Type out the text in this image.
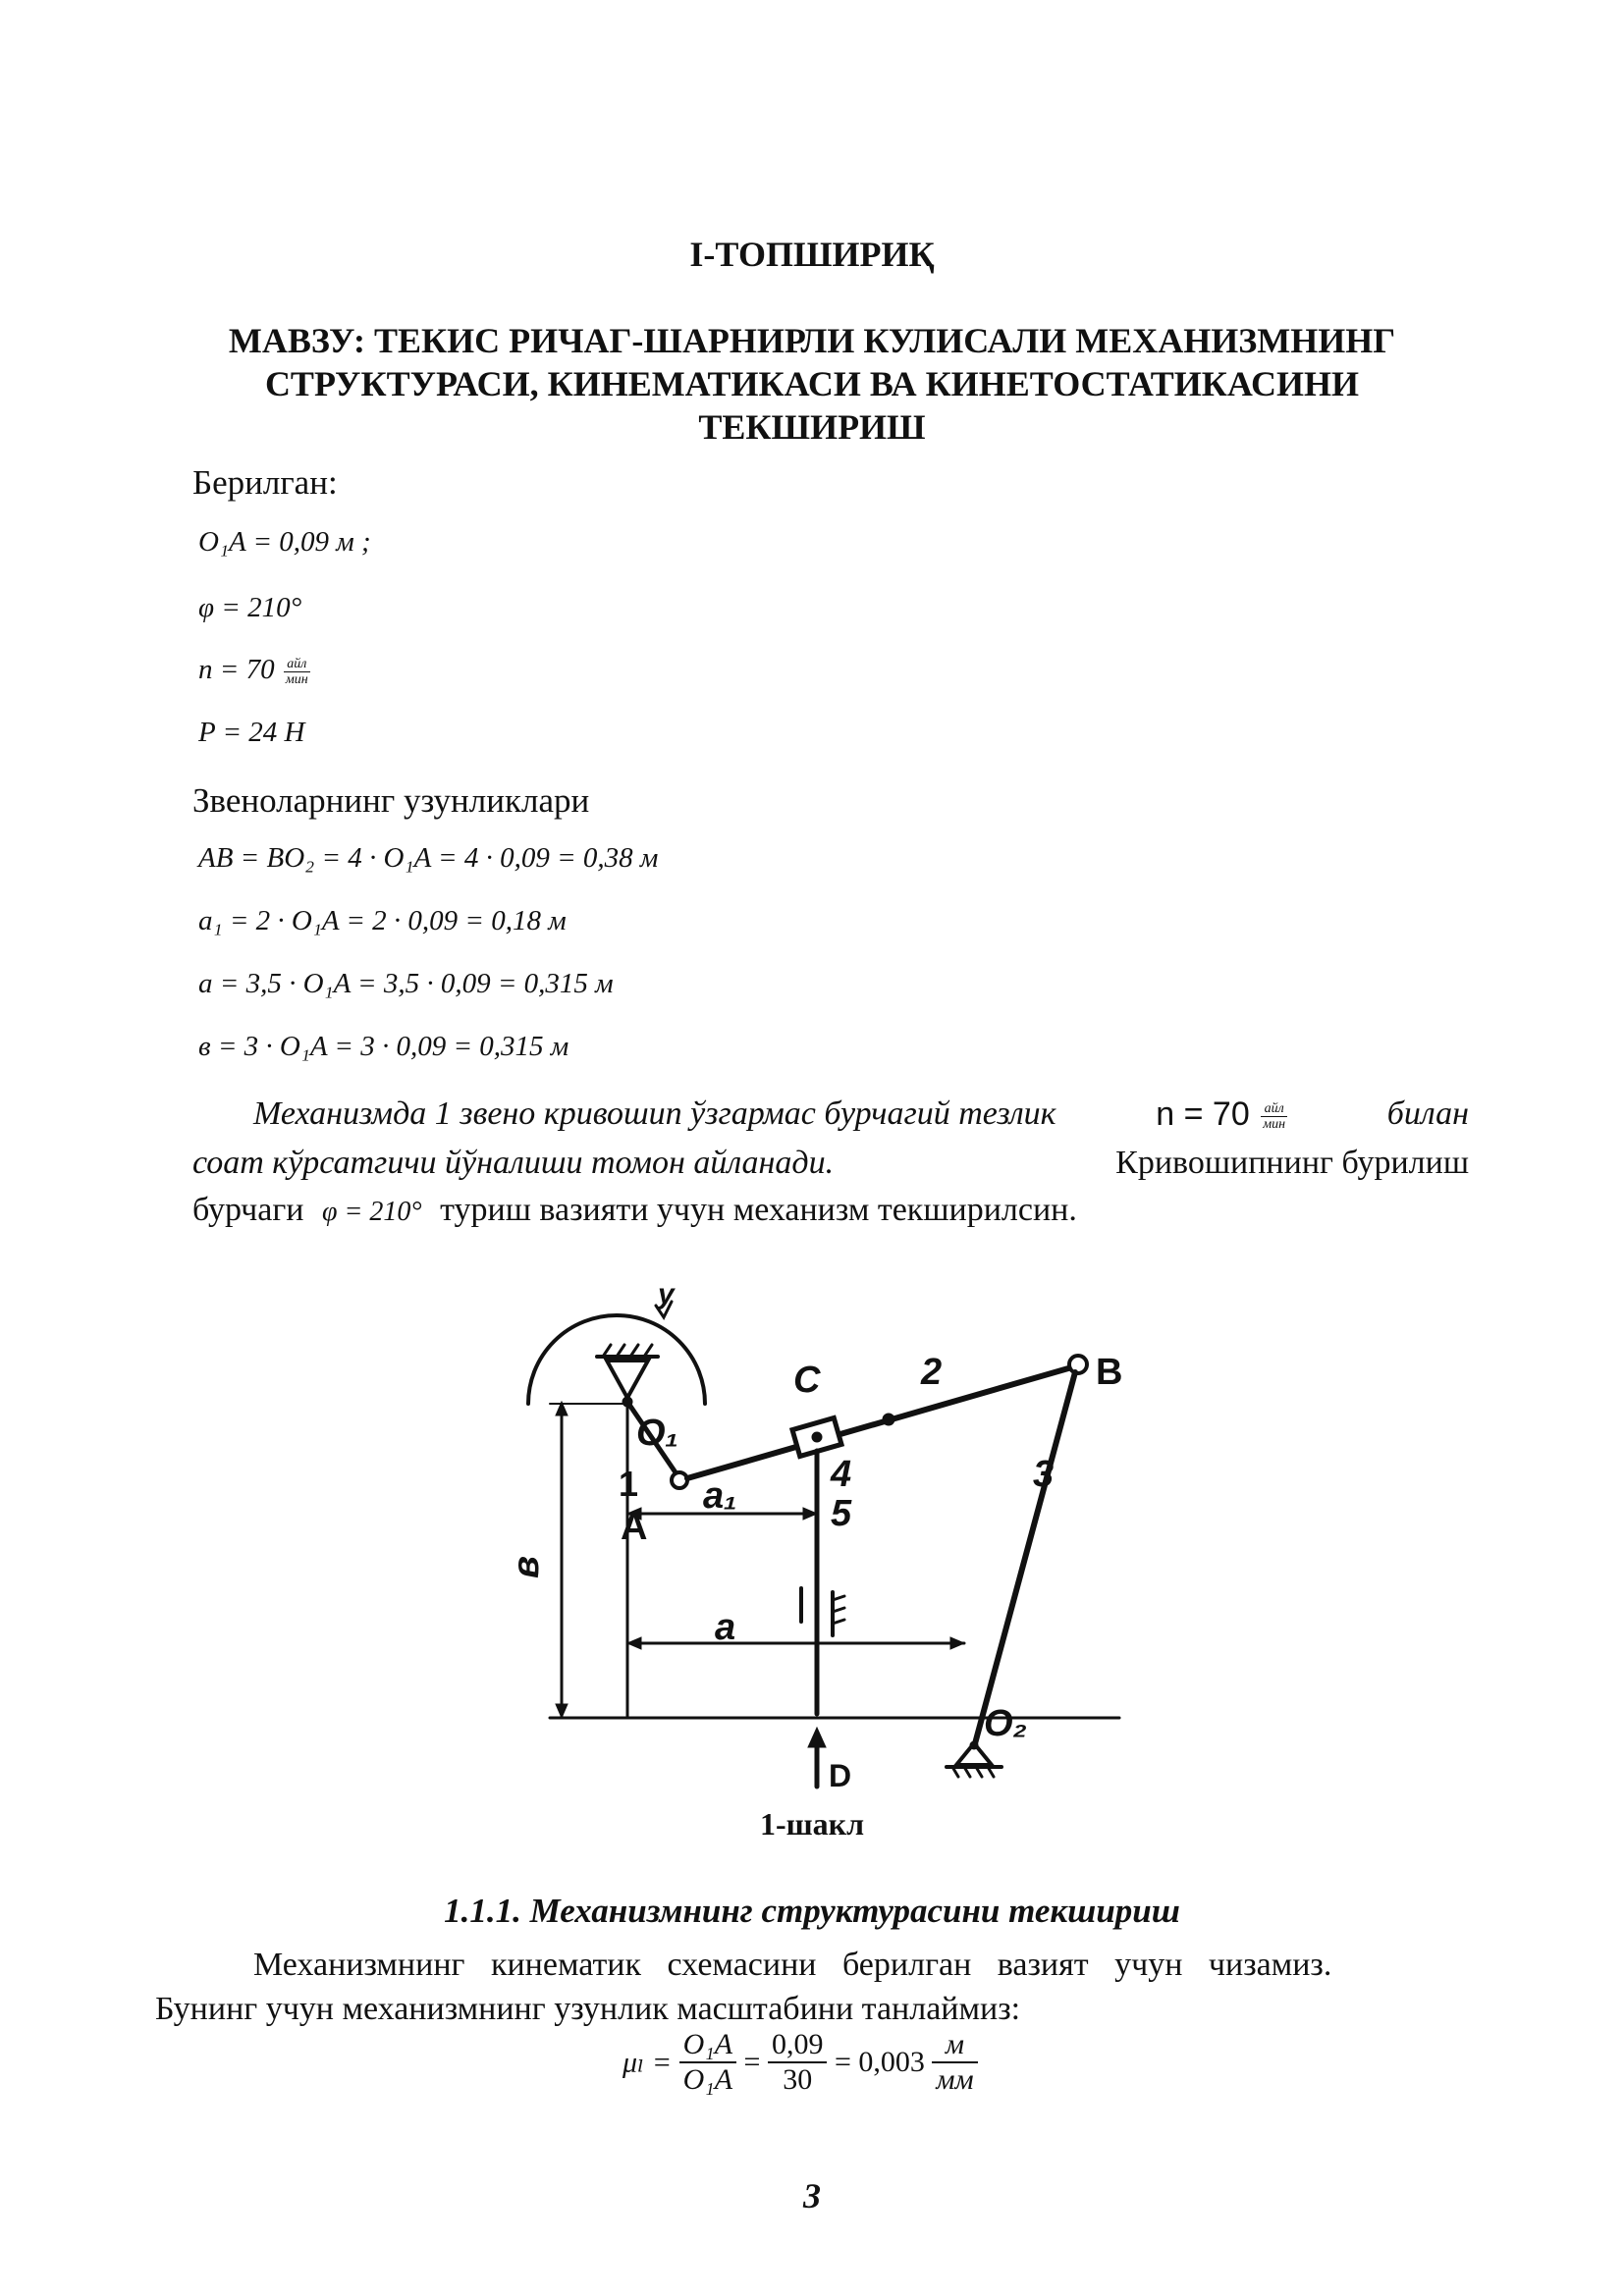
I-ТОПШИРИҚ
МАВЗУ: ТЕКИС РИЧАГ-ШАРНИРЛИ КУЛИСАЛИ МЕХАНИЗМНИНГ
СТРУКТУРАСИ, КИНЕМАТИКАСИ ВА КИНЕТОСТАТИКАСИНИ
ТЕКШИРИШ
Берилган:
O₁A = 0,09 м ;
φ = 210°
$n = 70 \frac{\text{айл}}{\text{мин}}$
P = 24 H
Звеноларнинг узунликлари
AB = BO₂ = 4 · O₁A = 4 · 0,09 = 0,38 м
a₁ = 2 · O₁A = 2 · 0,09 = 0,18 м
a = 3,5 · O₁A = 3,5 · 0,09 = 0,315 м
в = 3 · O₁A = 3 · 0,09 = 0,315 м
Механизмда 1 звено кривошип ўзгармас бурчагий тезлик	$n = 70 \frac{\text{айл}}{\text{мин}}$	билан
соат кўрсатгичи йўналиши томон айланади.	Кривошипнинг бурилиш
бурчаги φ = 210° туриш вазияти учун механизм текширилсин.
O₁
1
A
C	2	B
4
5
3
a₁
a
в
O₂
D
у
1-шакл
1.1.1. Механизмнинг структурасини текшириш
Механизмнинг кинематик схемасини берилган вазият учун чизамиз.
Бунинг учун механизмнинг узунлик масштабини танлаймиз:
$\mu_l = \frac{\text{O₁A}}{\text{O₁A}} = \frac{0,09}{30} = 0,003 \frac{м}{мм}$
3
